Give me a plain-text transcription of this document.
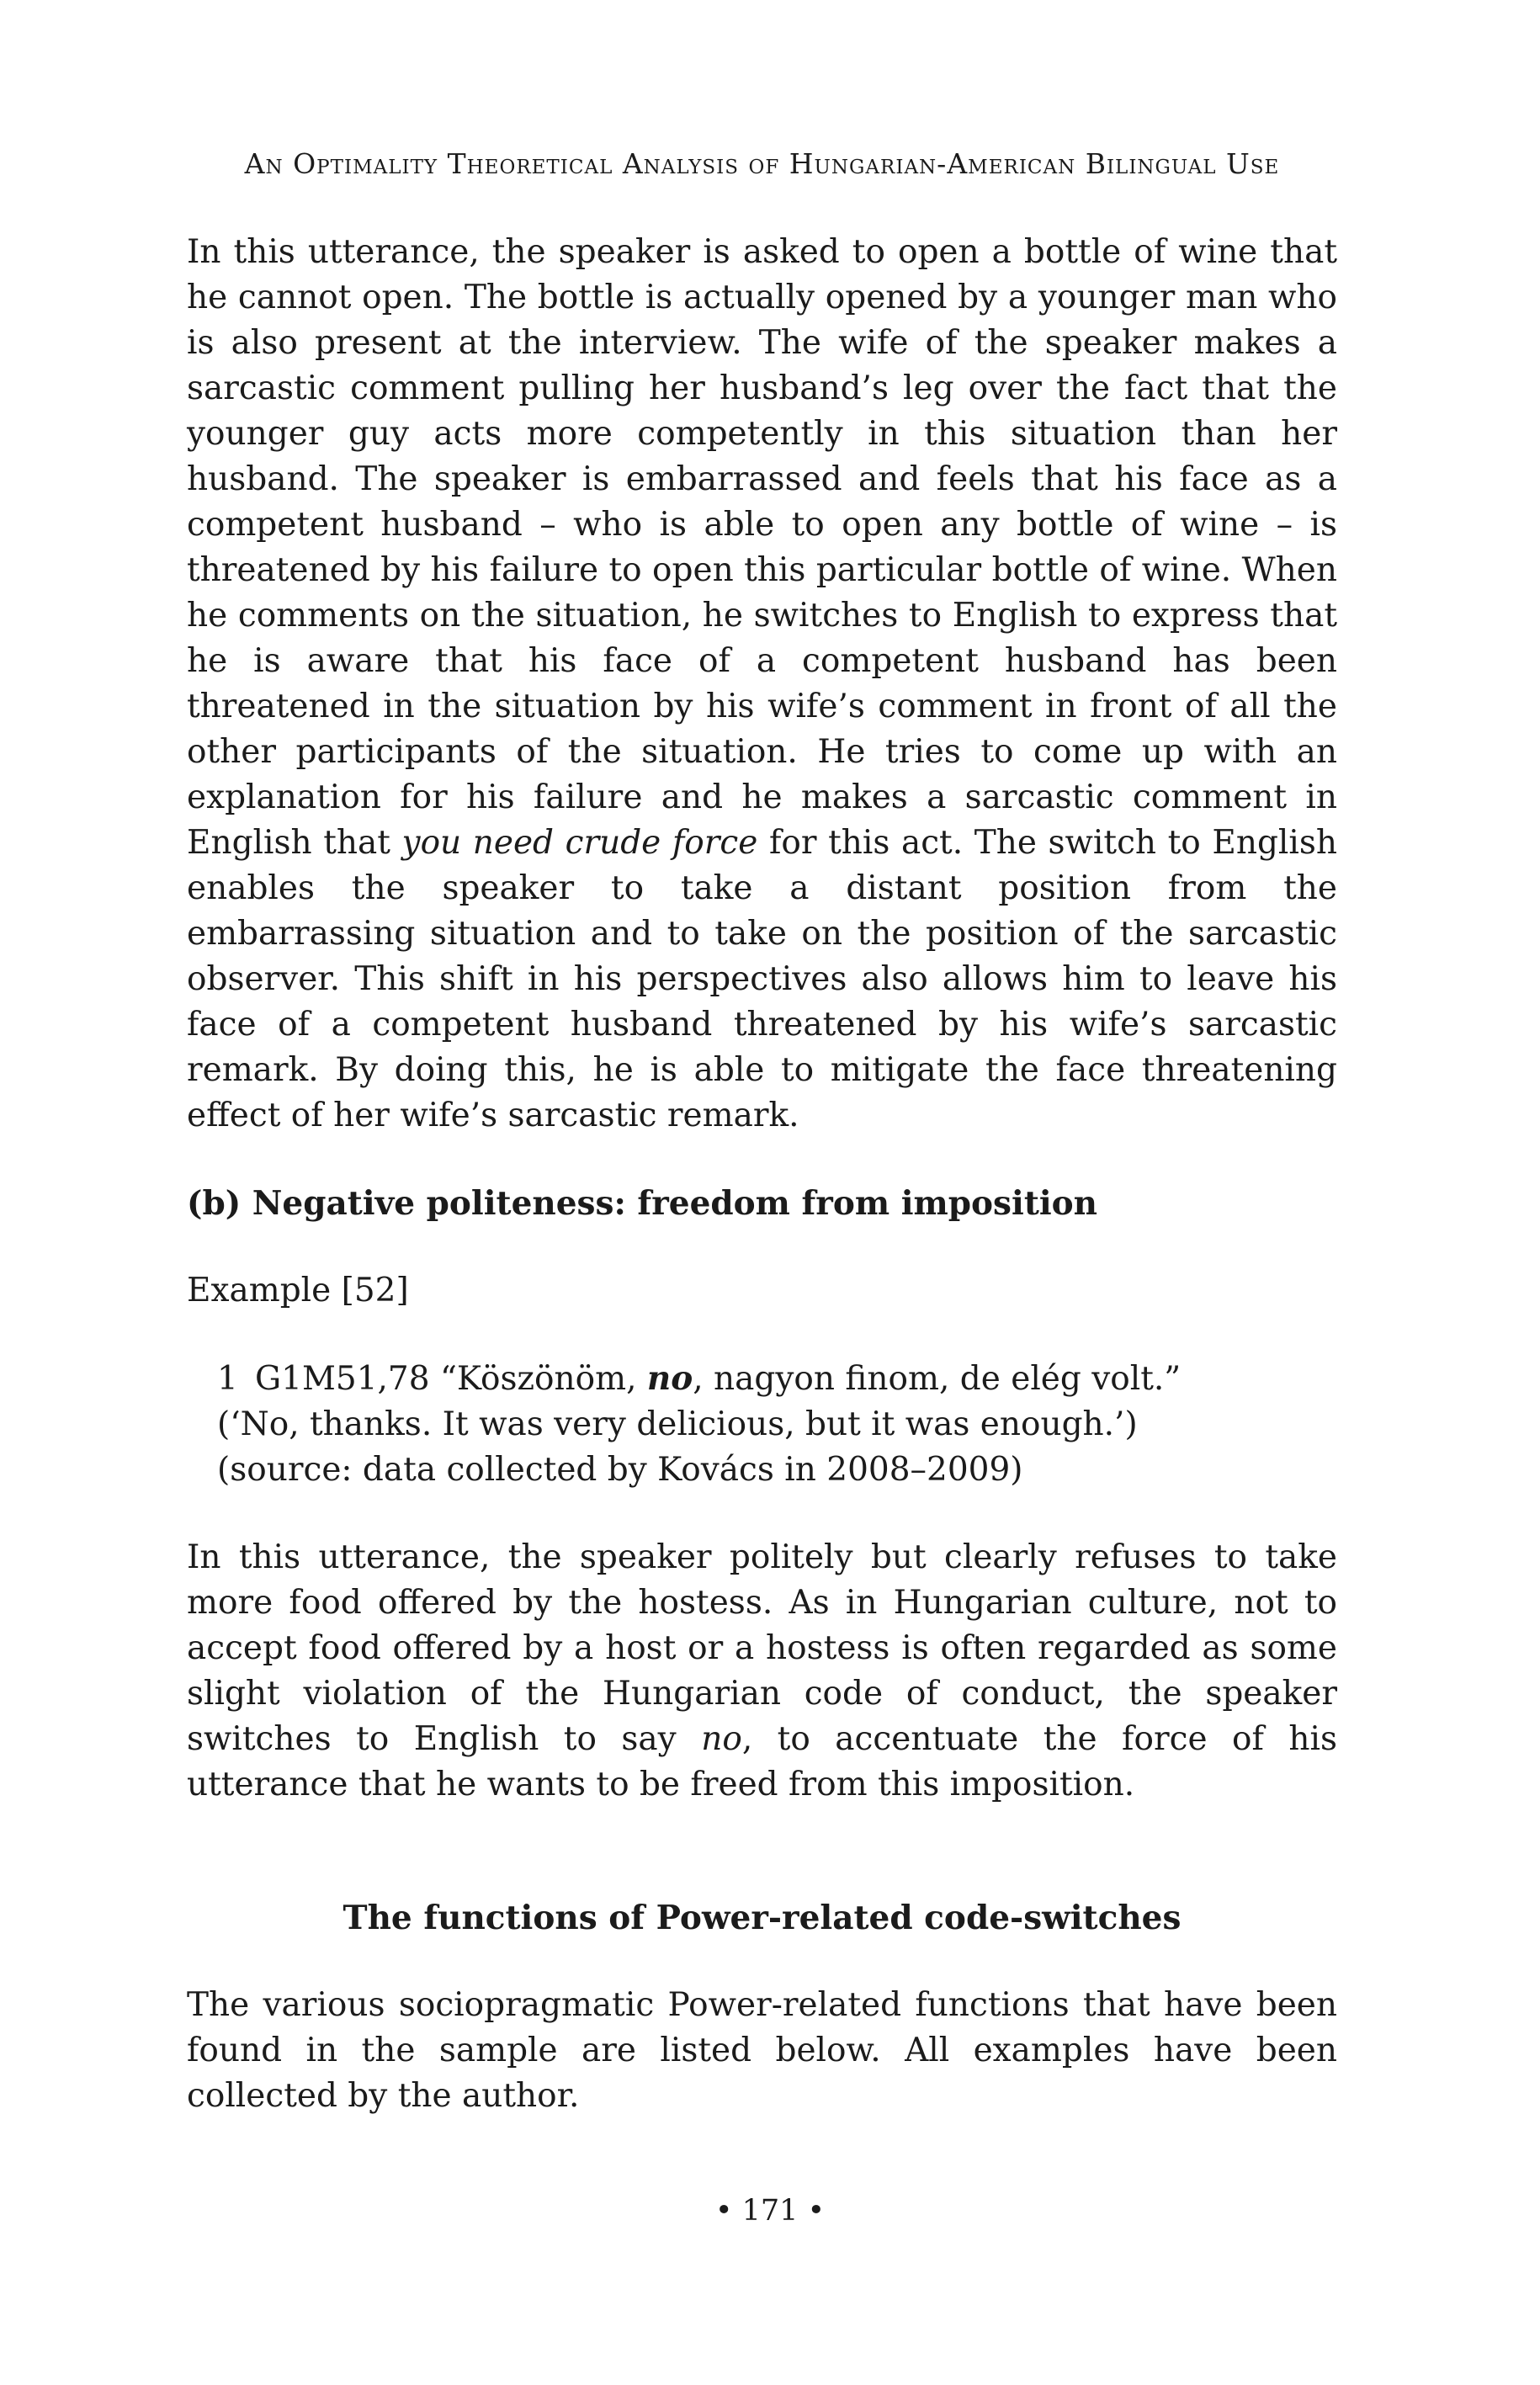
An Optimality Theoretical Analysis of Hungarian-American Bilingual Use

In this utterance, the speaker is asked to open a bottle of wine that he cannot open. The bottle is actually opened by a younger man who is also present at the interview. The wife of the speaker makes a sarcastic comment pulling her husband’s leg over the fact that the younger guy acts more competently in this situation than her husband. The speaker is embarrassed and feels that his face as a competent husband – who is able to open any bottle of wine – is threatened by his failure to open this particular bottle of wine. When he comments on the situation, he switches to English to express that he is aware that his face of a competent husband has been threatened in the situation by his wife’s comment in front of all the other participants of the situation. He tries to come up with an explanation for his failure and he makes a sarcastic comment in English that you need crude force for this act. The switch to English enables the speaker to take a distant position from the embarrassing situation and to take on the position of the sarcastic observer. This shift in his perspectives also allows him to leave his face of a competent husband threatened by his wife’s sarcastic remark. By doing this, he is able to mitigate the face threatening effect of her wife’s sarcastic remark.

(b) Negative politeness: freedom from imposition
Example [52]
1 G1M51,78 “Köszönöm, no, nagyon finom, de elég volt.”
(‘No, thanks. It was very delicious, but it was enough.’)
(source: data collected by Kovács in 2008–2009)

In this utterance, the speaker politely but clearly refuses to take more food offered by the hostess. As in Hungarian culture, not to accept food offered by a host or a hostess is often regarded as some slight violation of the Hungarian code of conduct, the speaker switches to English to say no, to accentuate the force of his utterance that he wants to be freed from this imposition.

The functions of Power-related code-switches

The various sociopragmatic Power-related functions that have been found in the sample are listed below. All examples have been collected by the author.

• 171 •
